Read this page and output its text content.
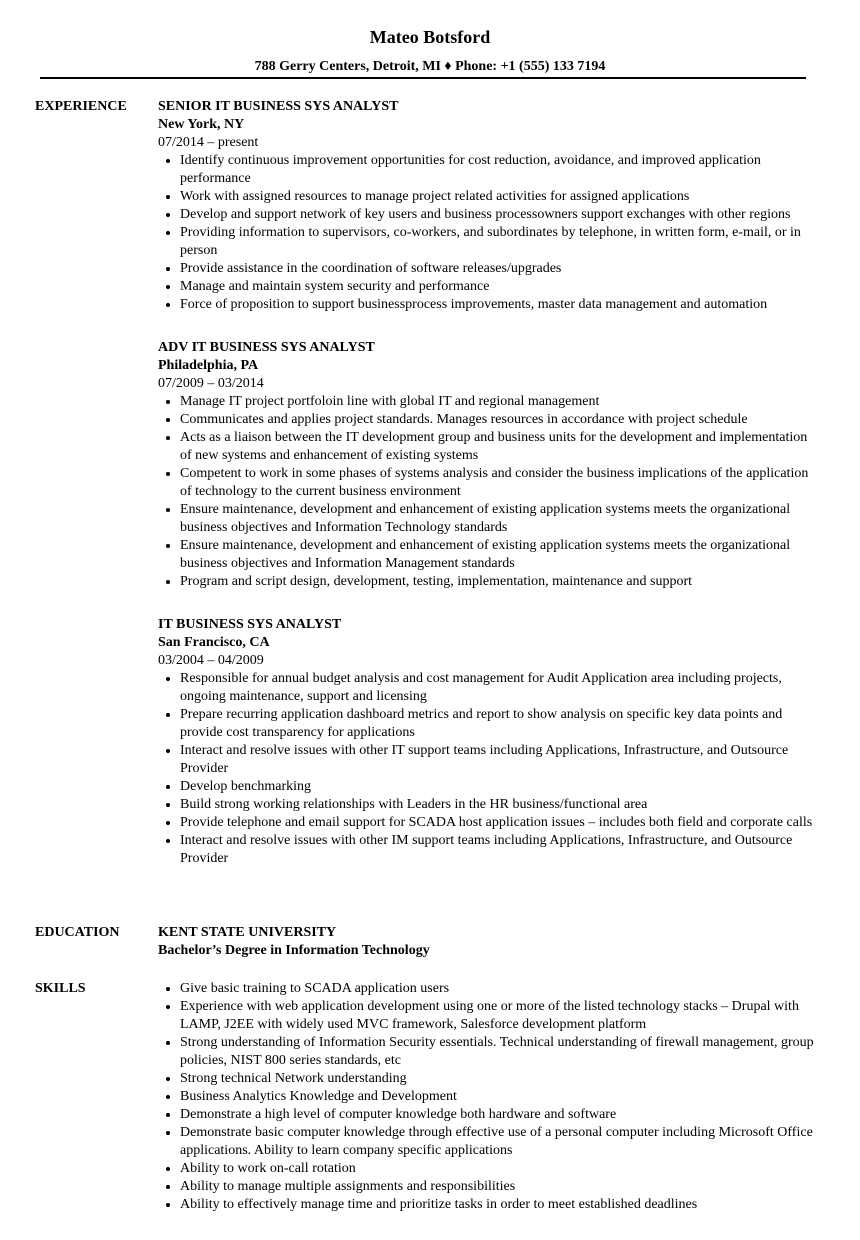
Mateo Botsford
788 Gerry Centers, Detroit, MI ♦ Phone: +1 (555) 133 7194
EXPERIENCE SENIOR IT BUSINESS SYS ANALYST
New York, NY
07/2014 – present
• Identify continuous improvement opportunities for cost reduction, avoidance, and improved application performance
• Work with assigned resources to manage project related activities for assigned applications
• Develop and support network of key users and business processowners support exchanges with other regions
• Providing information to supervisors, co-workers, and subordinates by telephone, in written form, e-mail, or in person
• Provide assistance in the coordination of software releases/upgrades
• Manage and maintain system security and performance
• Force of proposition to support businessprocess improvements, master data management and automation
ADV IT BUSINESS SYS ANALYST
Philadelphia, PA
07/2009 – 03/2014
• Manage IT project portfoloin line with global IT and regional management
• Communicates and applies project standards. Manages resources in accordance with project schedule
• Acts as a liaison between the IT development group and business units for the development and implementation of new systems and enhancement of existing systems
• Competent to work in some phases of systems analysis and consider the business implications of the application of technology to the current business environment
• Ensure maintenance, development and enhancement of existing application systems meets the organizational business objectives and Information Technology standards
• Ensure maintenance, development and enhancement of existing application systems meets the organizational business objectives and Information Management standards
• Program and script design, development, testing, implementation, maintenance and support
IT BUSINESS SYS ANALYST
San Francisco, CA
03/2004 – 04/2009
• Responsible for annual budget analysis and cost management for Audit Application area including projects, ongoing maintenance, support and licensing
• Prepare recurring application dashboard metrics and report to show analysis on specific key data points and provide cost transparency for applications
• Interact and resolve issues with other IT support teams including Applications, Infrastructure, and Outsource Provider
• Develop benchmarking
• Build strong working relationships with Leaders in the HR business/functional area
• Provide telephone and email support for SCADA host application issues – includes both field and corporate calls
• Interact and resolve issues with other IM support teams including Applications, Infrastructure, and Outsource Provider
EDUCATION	KENT STATE UNIVERSITY
Bachelor’s Degree in Information Technology
SKILLS	• Give basic training to SCADA application users
• Experience with web application development using one or more of the listed technology stacks – Drupal with LAMP, J2EE with widely used MVC framework, Salesforce development platform
• Strong understanding of Information Security essentials. Technical understanding of firewall management, group policies, NIST 800 series standards, etc
• Strong technical Network understanding
• Business Analytics Knowledge and Development
• Demonstrate a high level of computer knowledge both hardware and software
• Demonstrate basic computer knowledge through effective use of a personal computer including Microsoft Office applications. Ability to learn company specific applications
• Ability to work on-call rotation
• Ability to manage multiple assignments and responsibilities
• Ability to effectively manage time and prioritize tasks in order to meet established deadlines
